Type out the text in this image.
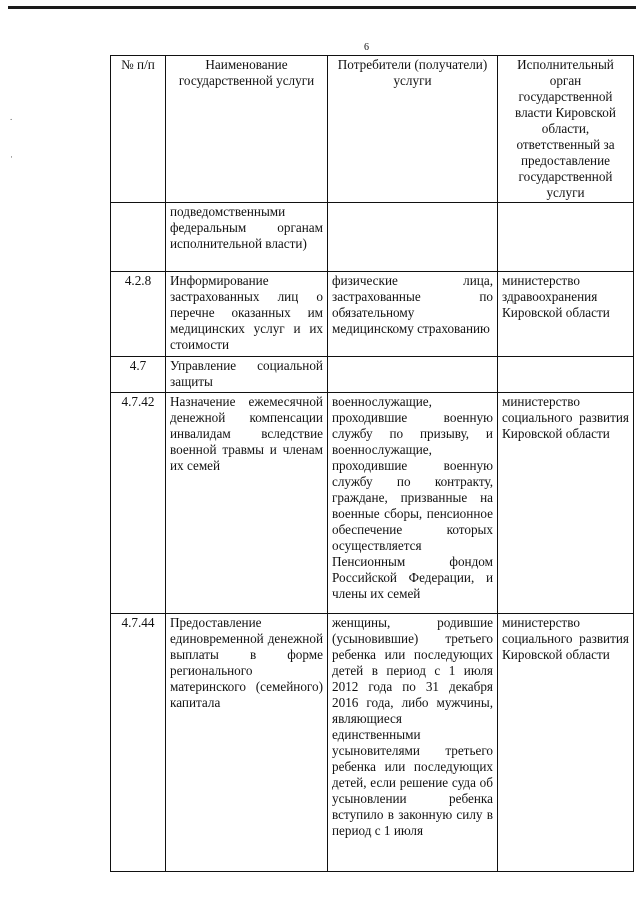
6
.
·
№ п/п	Наименование государственной услуги	Потребители (получатели) услуги	Исполнительный орган государственной власти Кировской области, ответственный за предоставление государственной услуги
	подведомственными федеральным органам исполнительной власти)		
4.2.8	Информирование застрахованных лиц о перечне оказанных им медицинских услуг и их стоимости	физические лица, застрахованные по обязательному медицинскому страхованию	министерство здравоохранения Кировской области
4.7	Управление социальной защиты		
4.7.42	Назначение ежемесячной денежной компенсации инвалидам вследствие военной травмы и членам их семей	военнослужащие, проходившие военную службу по призыву, и военнослужащие, проходившие военную службу по контракту, граждане, призванные на военные сборы, пенсионное обеспечение которых осуществляется Пенсионным фондом Российской Федерации, и члены их семей	министерство социального развития Кировской области
4.7.44	Предоставление единовременной денежной выплаты в форме регионального материнского (семейного) капитала	женщины, родившие (усыновившие) третьего ребенка или последующих детей в период с 1 июля 2012 года по 31 декабря 2016 года, либо мужчины, являющиеся единственными усыновителями третьего ребенка или последующих детей, если решение суда об усыновлении ребенка вступило в законную силу в период с 1 июля	министерство социального развития Кировской области
